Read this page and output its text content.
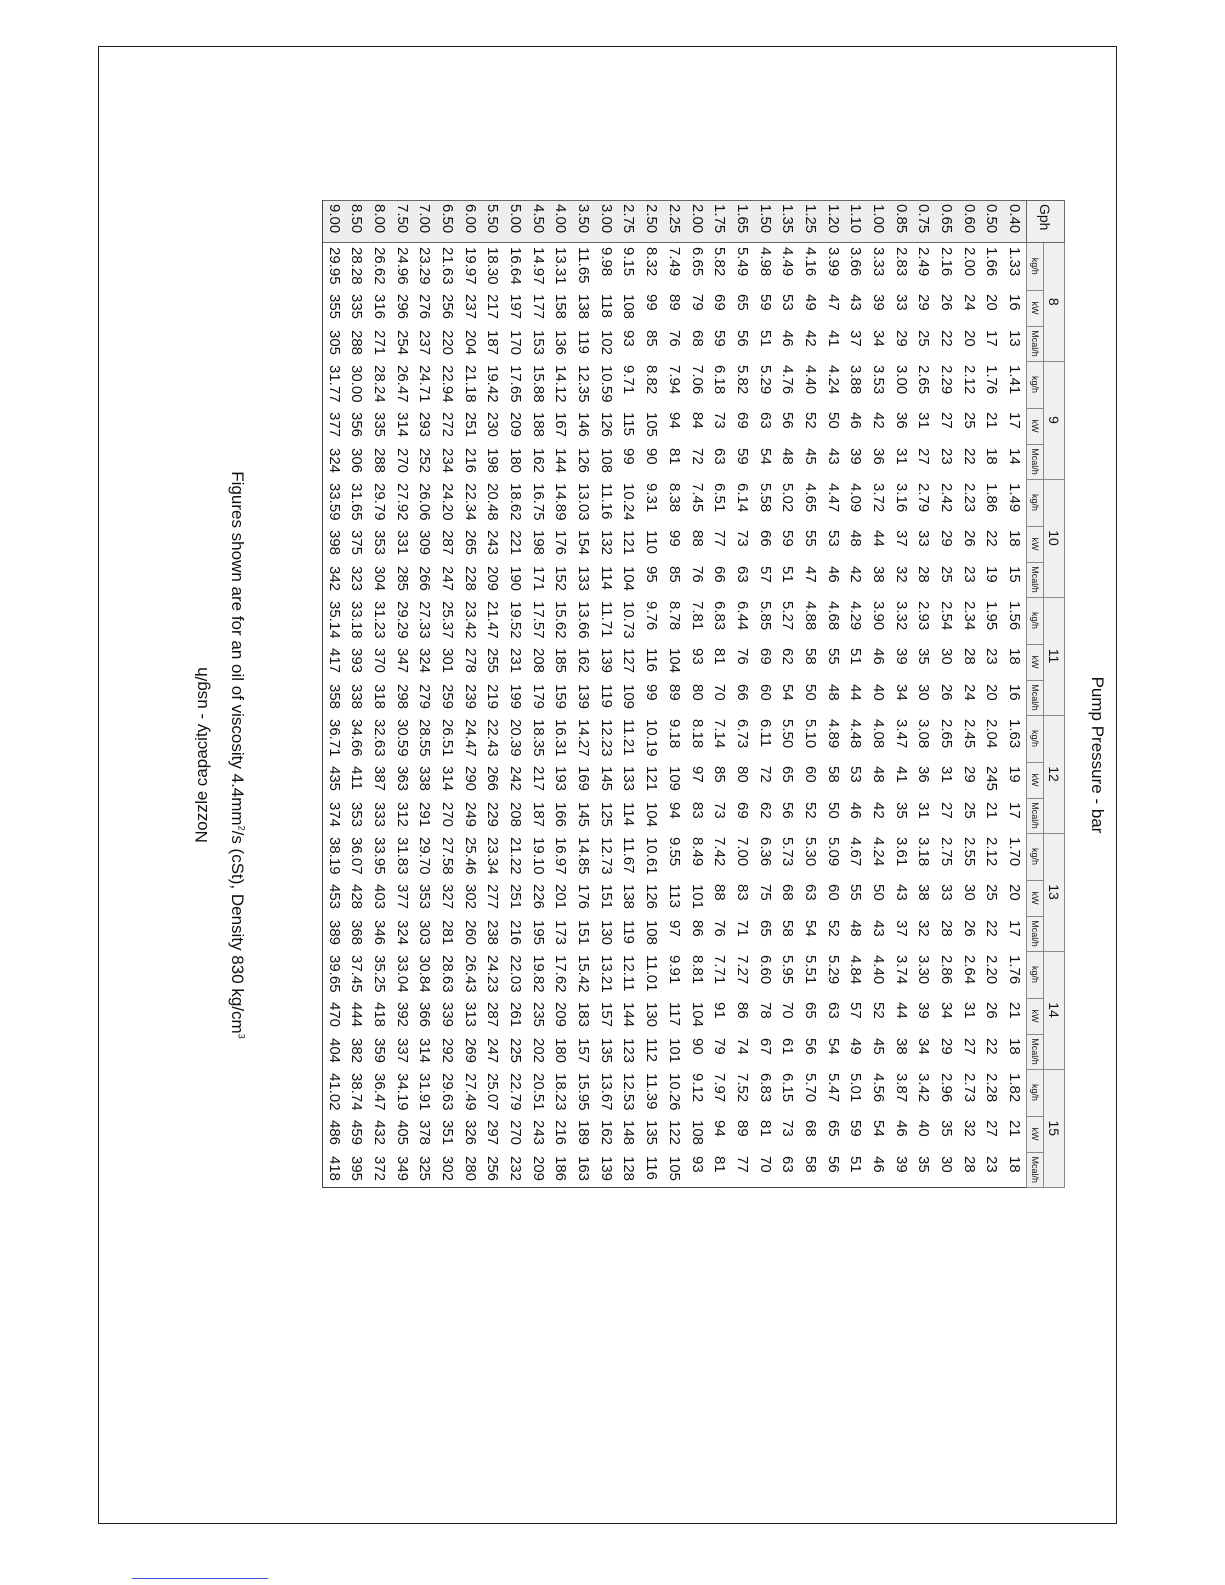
Pump Pressure - bar
Gph	8			9			10			11			12			13			14			15		
	kg/h	kW	Mcal/h	kg/h	kW	Mcal/h	kg/h	kW	Mcal/h	kg/h	kW	Mcal/h	kg/h	kW	Mcal/h	kg/h	kW	Mcal/h	kg/h	kW	Mcal/h	kg/h	kW	Mcal/h
0.40	1.33	16	13	1.41	17	14	1.49	18	15	1.56	18	16	1.63	19	17	1.70	20	17	1.76	21	18	1.82	21	18
0.50	1.66	20	17	1.76	21	18	1.86	22	19	1.95	23	20	2.04	245	21	2.12	25	22	2.20	26	22	2.28	27	23
0.60	2.00	24	20	2.12	25	22	2.23	26	23	2.34	28	24	2.45	29	25	2.55	30	26	2.64	31	27	2.73	32	28
0.65	2.16	26	22	2.29	27	23	2.42	29	25	2.54	30	26	2.65	31	27	2.75	33	28	2.86	34	29	2.96	35	30
0.75	2.49	29	25	2.65	31	27	2.79	33	28	2.93	35	30	3.08	36	31	3.18	38	32	3.30	39	34	3.42	40	35
0.85	2.83	33	29	3.00	36	31	3.16	37	32	3.32	39	34	3.47	41	35	3.61	43	37	3.74	44	38	3.87	46	39
1.00	3.33	39	34	3.53	42	36	3.72	44	38	3.90	46	40	4.08	48	42	4.24	50	43	4.40	52	45	4.56	54	46
1.10	3.66	43	37	3.88	46	39	4.09	48	42	4.29	51	44	4.48	53	46	4.67	55	48	4.84	57	49	5.01	59	51
1.20	3.99	47	41	4.24	50	43	4.47	53	46	4.68	55	48	4.89	58	50	5.09	60	52	5.29	63	54	5.47	65	56
1.25	4.16	49	42	4.40	52	45	4.65	55	47	4.88	58	50	5.10	60	52	5.30	63	54	5.51	65	56	5.70	68	58
1.35	4.49	53	46	4.76	56	48	5.02	59	51	5.27	62	54	5.50	65	56	5.73	68	58	5.95	70	61	6.15	73	63
1.50	4.98	59	51	5.29	63	54	5.58	66	57	5.85	69	60	6.11	72	62	6.36	75	65	6.60	78	67	6.83	81	70
1.65	5.49	65	56	5.82	69	59	6.14	73	63	6.44	76	66	6.73	80	69	7.00	83	71	7.27	86	74	7.52	89	77
1.75	5.82	69	59	6.18	73	63	6.51	77	66	6.83	81	70	7.14	85	73	7.42	88	76	7.71	91	79	7.97	94	81
2.00	6.65	79	68	7.06	84	72	7.45	88	76	7.81	93	80	8.18	97	83	8.49	101	86	8.81	104	90	9.12	108	93
2.25	7.49	89	76	7.94	94	81	8.38	99	85	8.78	104	89	9.18	109	94	9.55	113	97	9.91	117	101	10.26	122	105
2.50	8.32	99	85	8.82	105	90	9.31	110	95	9.76	116	99	10.19	121	104	10.61	126	108	11.01	130	112	11.39	135	116
2.75	9.15	108	93	9.71	115	99	10.24	121	104	10.73	127	109	11.21	133	114	11.67	138	119	12.11	144	123	12.53	148	128
3.00	9.98	118	102	10.59	126	108	11.16	132	114	11.71	139	119	12.23	145	125	12.73	151	130	13.21	157	135	13.67	162	139
3.50	11.65	138	119	12.35	146	126	13.03	154	133	13.66	162	139	14.27	169	145	14.85	176	151	15.42	183	157	15.95	189	163
4.00	13.31	158	136	14.12	167	144	14.89	176	152	15.62	185	159	16.31	193	166	16.97	201	173	17.62	209	180	18.23	216	186
4.50	14.97	177	153	15.88	188	162	16.75	198	171	17.57	208	179	18.35	217	187	19.10	226	195	19.82	235	202	20.51	243	209
5.00	16.64	197	170	17.65	209	180	18.62	221	190	19.52	231	199	20.39	242	208	21.22	251	216	22.03	261	225	22.79	270	232
5.50	18.30	217	187	19.42	230	198	20.48	243	209	21.47	255	219	22.43	266	229	23.34	277	238	24.23	287	247	25.07	297	256
6.00	19.97	237	204	21.18	251	216	22.34	265	228	23.42	278	239	24.47	290	249	25.46	302	260	26.43	313	269	27.49	326	280
6.50	21.63	256	220	22.94	272	234	24.20	287	247	25.37	301	259	26.51	314	270	27.58	327	281	28.63	339	292	29.63	351	302
7.00	23.29	276	237	24.71	293	252	26.06	309	266	27.33	324	279	28.55	338	291	29.70	353	303	30.84	366	314	31.91	378	325
7.50	24.96	296	254	26.47	314	270	27.92	331	285	29.29	347	298	30.59	363	312	31.83	377	324	33.04	392	337	34.19	405	349
8.00	26.62	316	271	28.24	335	288	29.79	353	304	31.23	370	318	32.63	387	333	33.95	403	346	35.25	418	359	36.47	432	372
8.50	28.28	335	288	30.00	356	306	31.65	375	323	33.18	393	338	34.66	411	353	36.07	428	368	37.45	444	382	38.74	459	395
9.00	29.95	355	305	31.77	377	324	33.59	398	342	35.14	417	358	36.71	435	374	38.19	453	389	39.65	470	404	41.02	486	418
Figures shown are for an oil of viscosity $4.4mm^2/s$ (cSt), Density 830 $kg/cm^3$
Nozzle capacity - usg/h
